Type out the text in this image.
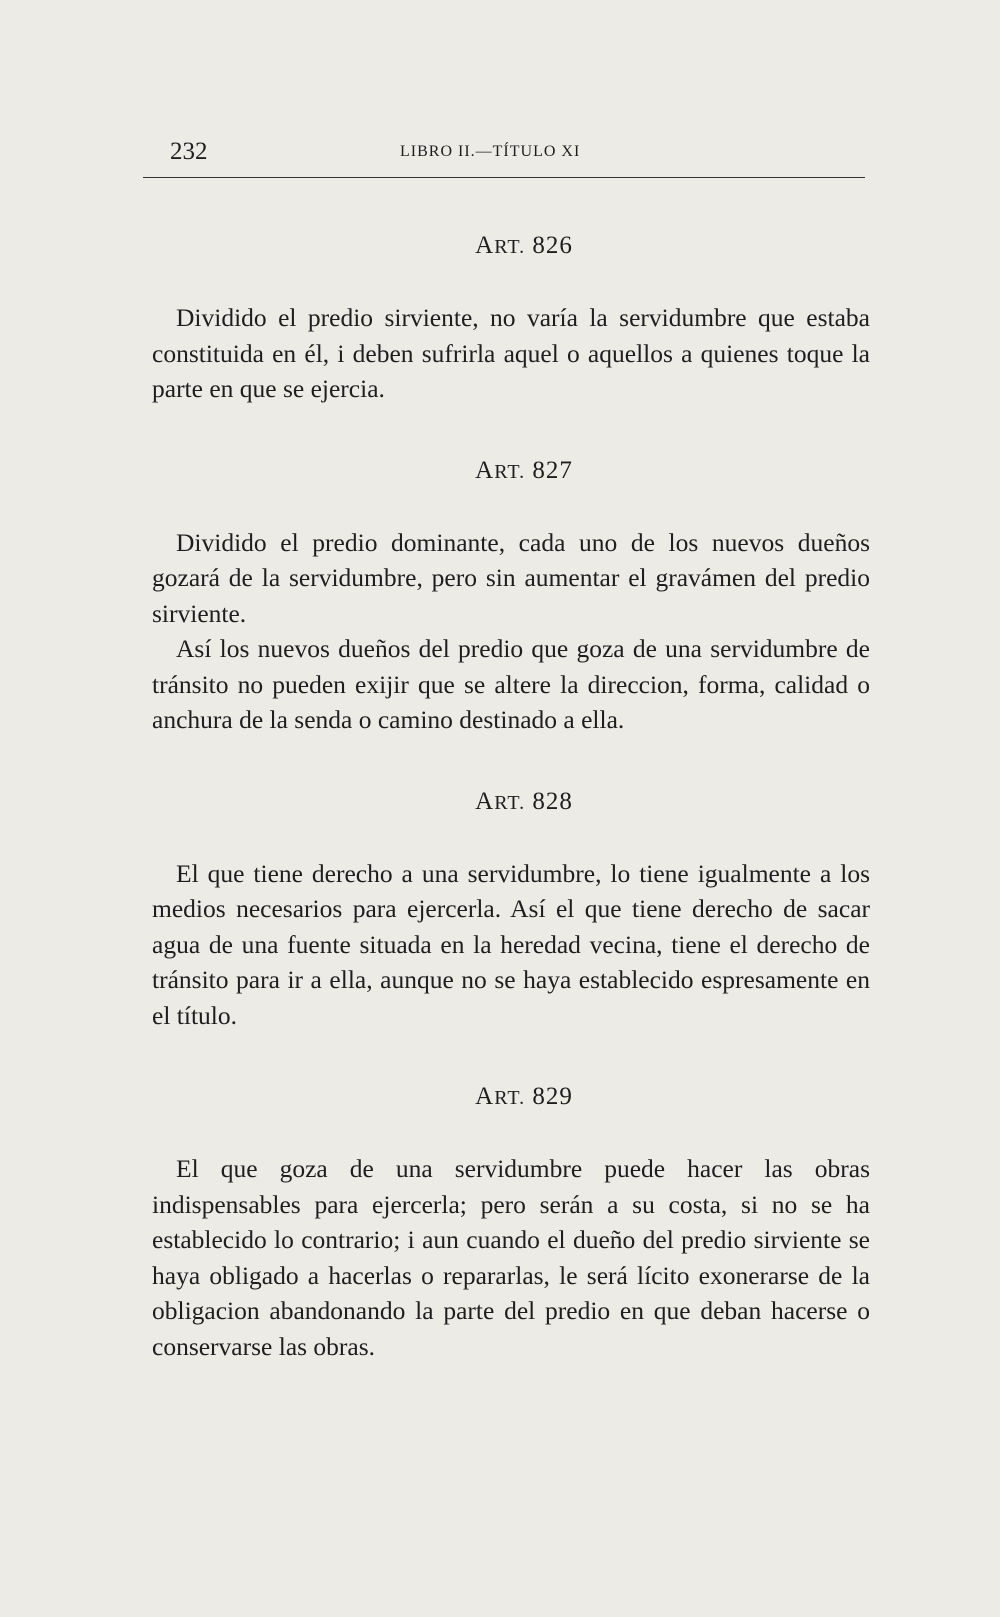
232	LIBRO II.—TÍTULO XI
ART. 826

Dividido el predio sirviente, no varía la servidumbre que estaba constituida en él, i deben sufrirla aquel o aquellos a quienes toque la parte en que se ejercia.

ART. 827

Dividido el predio dominante, cada uno de los nuevos dueños gozará de la servidumbre, pero sin aumentar el gravámen del predio sirviente.

Así los nuevos dueños del predio que goza de una servidumbre de tránsito no pueden exijir que se altere la direccion, forma, calidad o anchura de la senda o camino destinado a ella.

ART. 828

El que tiene derecho a una servidumbre, lo tiene igualmente a los medios necesarios para ejercerla. Así el que tiene derecho de sacar agua de una fuente situada en la heredad vecina, tiene el derecho de tránsito para ir a ella, aunque no se haya establecido espresamente en el título.

ART. 829

El que goza de una servidumbre puede hacer las obras indispensables para ejercerla; pero serán a su costa, si no se ha establecido lo contrario; i aun cuando el dueño del predio sirviente se haya obligado a hacerlas o repararlas, le será lícito exonerarse de la obligacion abandonando la parte del predio en que deban hacerse o conservarse las obras.
